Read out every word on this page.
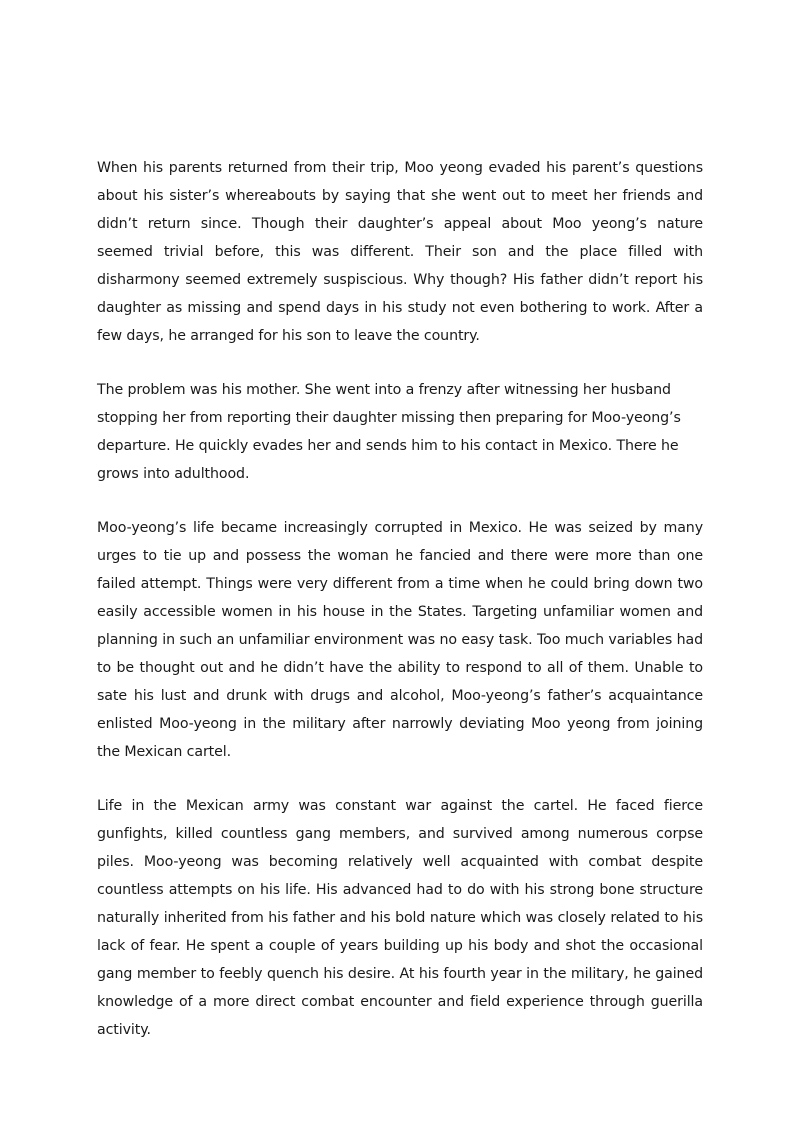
When his parents returned from their trip, Moo yeong evaded his parent’s questions about his sister’s whereabouts by saying that she went out to meet her friends and didn’t return since. Though their daughter’s appeal about Moo yeong’s nature seemed trivial before, this was different. Their son and the place filled with disharmony seemed extremely suspiscious. Why though? His father didn’t report his daughter as missing and spend days in his study not even bothering to work. After a few days, he arranged for his son to leave the country.

The problem was his mother. She went into a frenzy after witnessing her husband stopping her from reporting their daughter missing then preparing for Moo-yeong’s departure. He quickly evades her and sends him to his contact in Mexico. There he grows into adulthood.

Moo-yeong’s life became increasingly corrupted in Mexico. He was seized by many urges to tie up and possess the woman he fancied and there were more than one failed attempt. Things were very different from a time when he could bring down two easily accessible women in his house in the States. Targeting unfamiliar women and planning in such an unfamiliar environment was no easy task. Too much variables had to be thought out and he didn’t have the ability to respond to all of them. Unable to sate his lust and drunk with drugs and alcohol, Moo-yeong’s father’s acquaintance enlisted Moo-yeong in the military after narrowly deviating Moo yeong from joining the Mexican cartel.

Life in the Mexican army was constant war against the cartel. He faced fierce gunfights, killed countless gang members, and survived among numerous corpse piles. Moo-yeong was becoming relatively well acquainted with combat despite countless attempts on his life. His advanced had to do with his strong bone structure naturally inherited from his father and his bold nature which was closely related to his lack of fear. He spent a couple of years building up his body and shot the occasional gang member to feebly quench his desire. At his fourth year in the military, he gained knowledge of a more direct combat encounter and field experience through guerilla activity.
